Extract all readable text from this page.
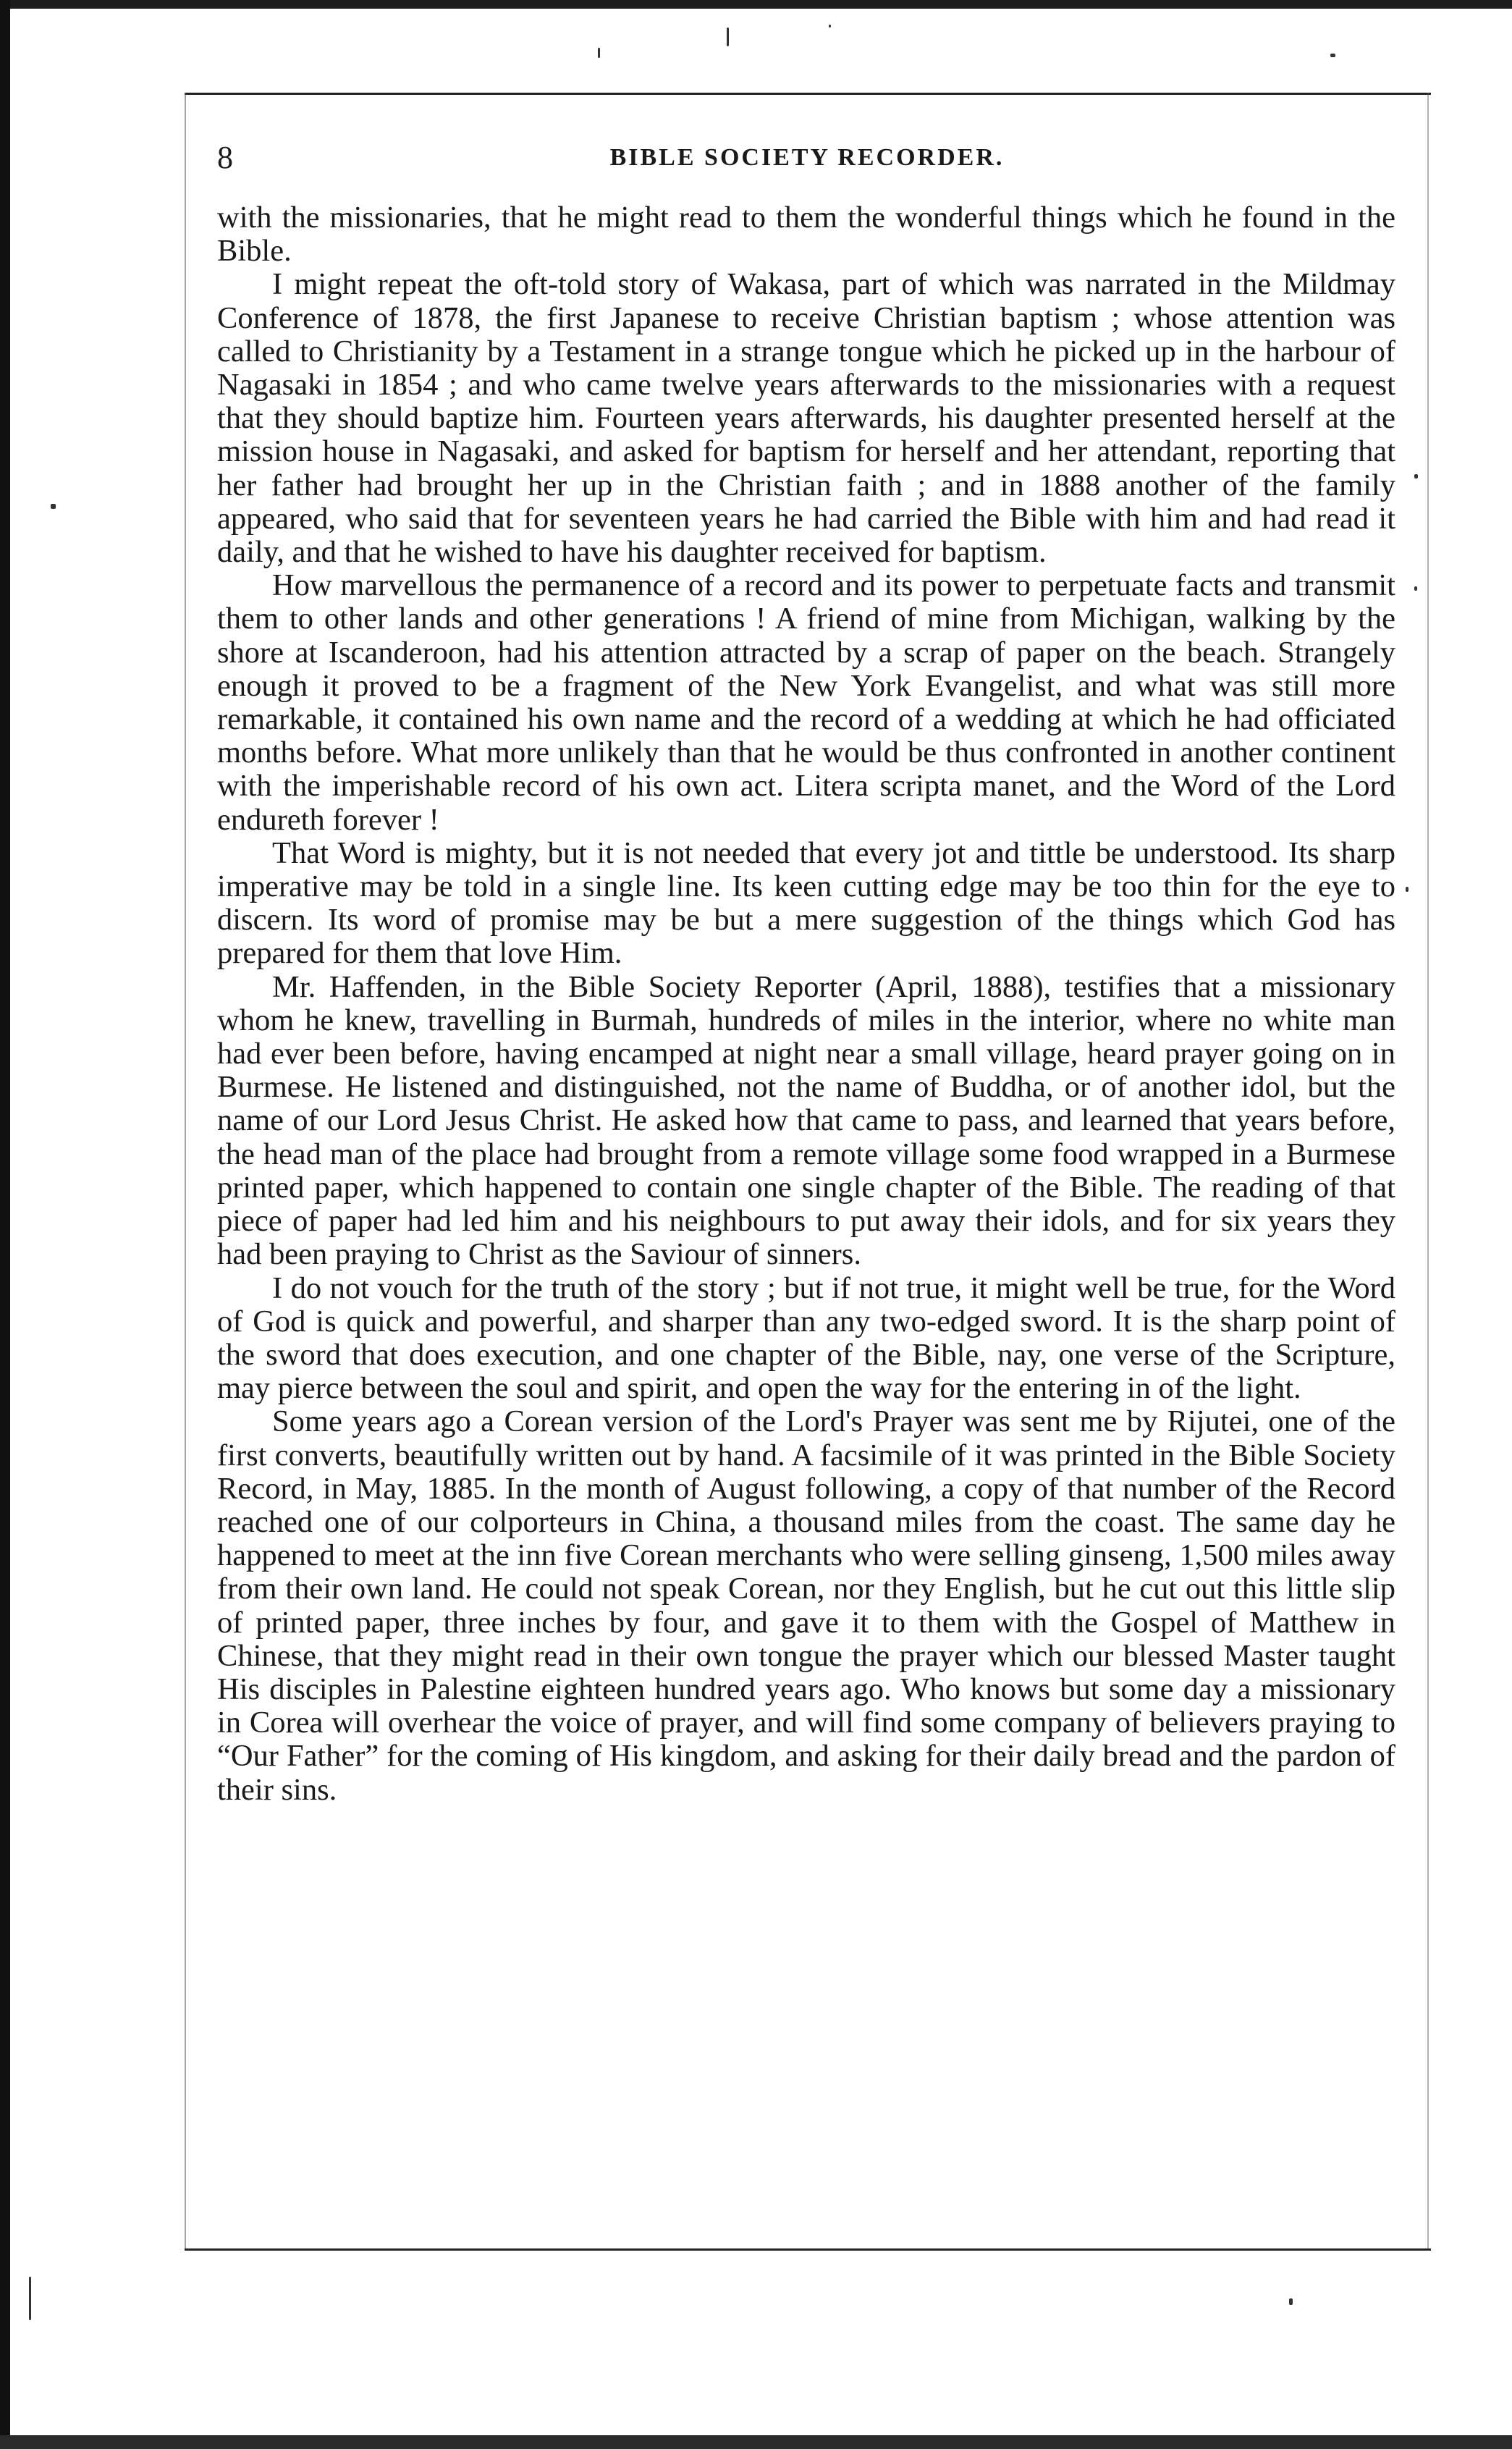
8	BIBLE SOCIETY RECORDER.

with the missionaries, that he might read to them the wonderful things which he found in the Bible.

I might repeat the oft-told story of Wakasa, part of which was narrated in the Mildmay Conference of 1878, the first Japanese to receive Christian baptism ; whose attention was called to Christianity by a Testament in a strange tongue which he picked up in the harbour of Nagasaki in 1854 ; and who came twelve years afterwards to the missionaries with a request that they should baptize him. Fourteen years afterwards, his daughter presented herself at the mission house in Nagasaki, and asked for baptism for herself and her attendant, reporting that her father had brought her up in the Christian faith ; and in 1888 another of the family appeared, who said that for seventeen years he had carried the Bible with him and had read it daily, and that he wished to have his daughter received for baptism.

How marvellous the permanence of a record and its power to perpetuate facts and transmit them to other lands and other generations ! A friend of mine from Michigan, walking by the shore at Iscanderoon, had his attention attracted by a scrap of paper on the beach. Strangely enough it proved to be a fragment of the New York Evangelist, and what was still more remarkable, it contained his own name and the record of a wedding at which he had officiated months before. What more unlikely than that he would be thus confronted in another continent with the imperishable record of his own act. Litera scripta manet, and the Word of the Lord endureth forever !

That Word is mighty, but it is not needed that every jot and tittle be understood. Its sharp imperative may be told in a single line. Its keen cutting edge may be too thin for the eye to discern. Its word of promise may be but a mere suggestion of the things which God has prepared for them that love Him.

Mr. Haffenden, in the Bible Society Reporter (April, 1888), testifies that a missionary whom he knew, travelling in Burmah, hundreds of miles in the interior, where no white man had ever been before, having encamped at night near a small village, heard prayer going on in Burmese. He listened and distinguished, not the name of Buddha, or of another idol, but the name of our Lord Jesus Christ. He asked how that came to pass, and learned that years before, the head man of the place had brought from a remote village some food wrapped in a Burmese printed paper, which happened to contain one single chapter of the Bible. The reading of that piece of paper had led him and his neighbours to put away their idols, and for six years they had been praying to Christ as the Saviour of sinners.

I do not vouch for the truth of the story ; but if not true, it might well be true, for the Word of God is quick and powerful, and sharper than any two-edged sword. It is the sharp point of the sword that does execution, and one chapter of the Bible, nay, one verse of the Scripture, may pierce between the soul and spirit, and open the way for the entering in of the light.

Some years ago a Corean version of the Lord's Prayer was sent me by Rijutei, one of the first converts, beautifully written out by hand. A facsimile of it was printed in the Bible Society Record, in May, 1885. In the month of August following, a copy of that number of the Record reached one of our colporteurs in China, a thousand miles from the coast. The same day he happened to meet at the inn five Corean merchants who were selling ginseng, 1,500 miles away from their own land. He could not speak Corean, nor they English, but he cut out this little slip of printed paper, three inches by four, and gave it to them with the Gospel of Matthew in Chinese, that they might read in their own tongue the prayer which our blessed Master taught His disciples in Palestine eighteen hundred years ago. Who knows but some day a missionary in Corea will overhear the voice of prayer, and will find some company of believers praying to “Our Father” for the coming of His kingdom, and asking for their daily bread and the pardon of their sins.
